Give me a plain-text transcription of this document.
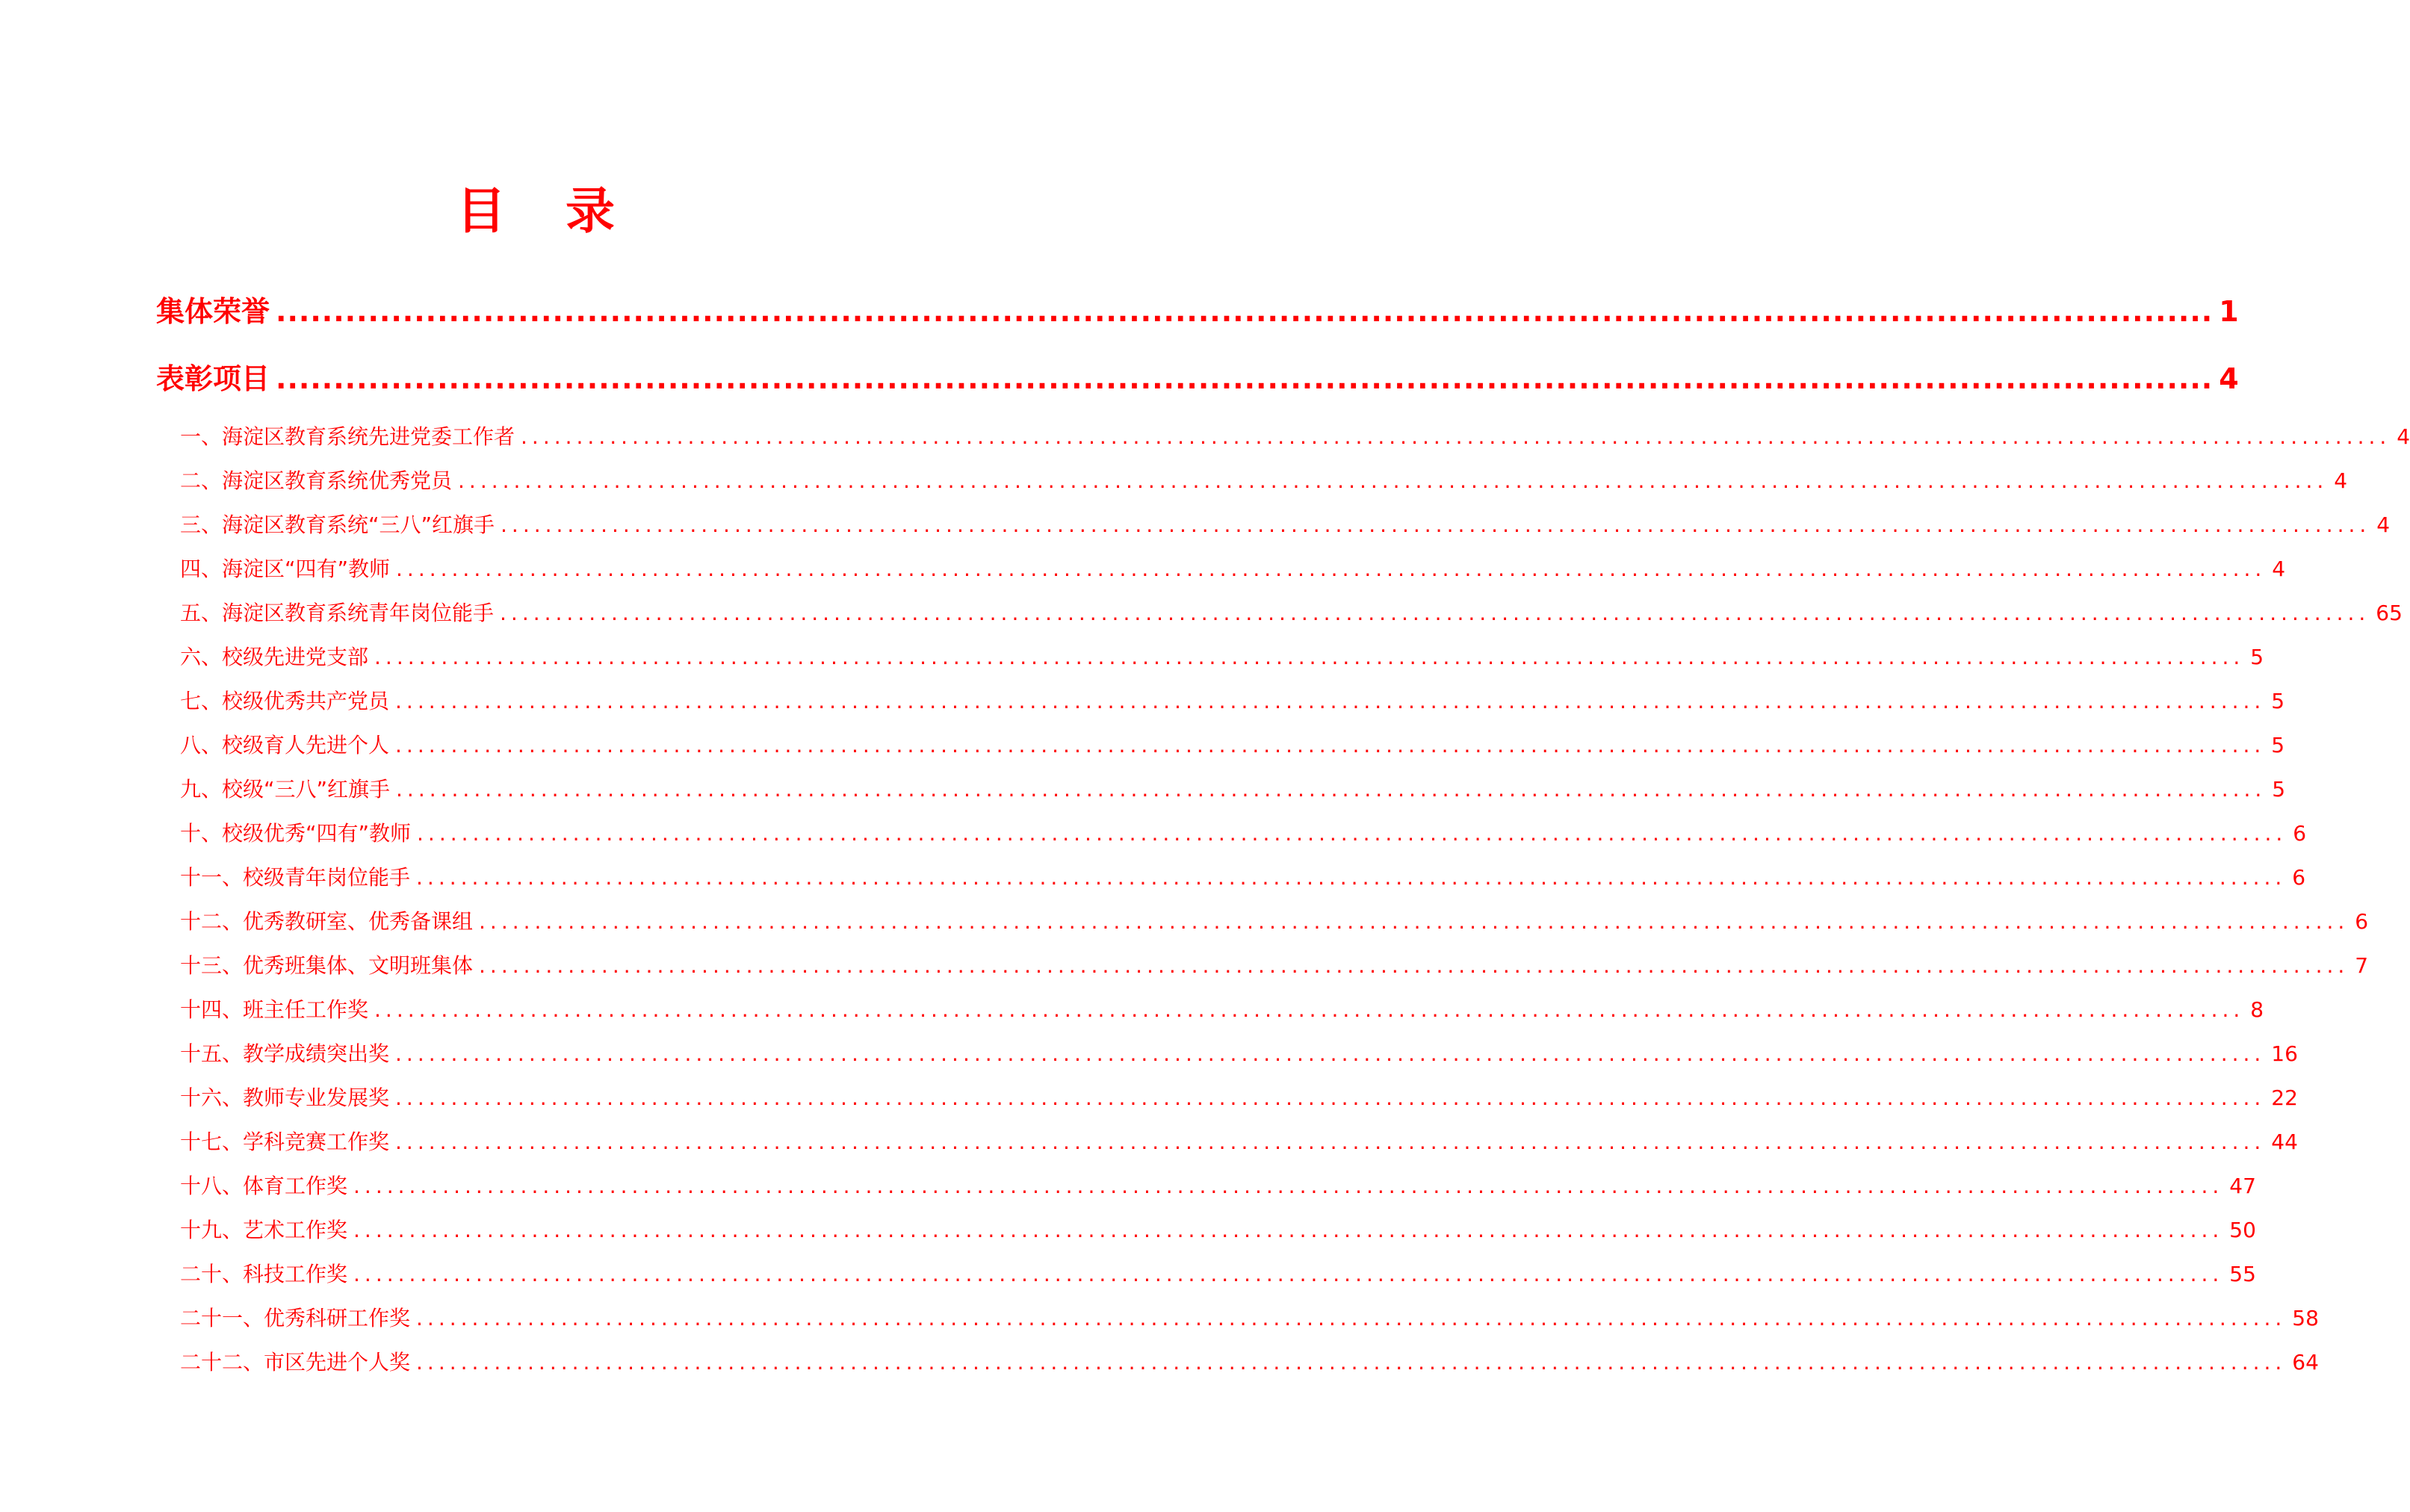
目录
集体荣誉 ........................................................................................................................................................................ 1
表彰项目 ........................................................................................................................................................................ 4
一、 海淀区教育系统先进党委工作者 ........................................................................................................................................................................ 4
二、 海淀区教育系统优秀党员 ........................................................................................................................................................................ 4
三、 海淀区教育系统“三八”红旗手 ........................................................................................................................................................................ 4
四、 海淀区“四有”教师 ........................................................................................................................................................................ 4
五、 海淀区教育系统青年岗位能手 ........................................................................................................................................................................ 65
六、 校级先进党支部 ........................................................................................................................................................................ 5
七、 校级优秀共产党员 ........................................................................................................................................................................ 5
八、 校级育人先进个人 ........................................................................................................................................................................ 5
九、 校级“三八”红旗手 ........................................................................................................................................................................ 5
十、 校级优秀“四有”教师 ........................................................................................................................................................................ 6
十一、 校级青年岗位能手 ........................................................................................................................................................................ 6
十二、 优秀教研室、优秀备课组 ........................................................................................................................................................................ 6
十三、 优秀班集体、文明班集体 ........................................................................................................................................................................ 7
十四、 班主任工作奖 ........................................................................................................................................................................ 8
十五、 教学成绩突出奖 ........................................................................................................................................................................ 16
十六、 教师专业发展奖 ........................................................................................................................................................................ 22
十七、 学科竞赛工作奖 ........................................................................................................................................................................ 44
十八、 体育工作奖 ........................................................................................................................................................................ 47
十九、 艺术工作奖 ........................................................................................................................................................................ 50
二十、 科技工作奖 ........................................................................................................................................................................ 55
二十一、 优秀科研工作奖 ........................................................................................................................................................................ 58
二十二、 市区先进个人奖 ........................................................................................................................................................................ 64
